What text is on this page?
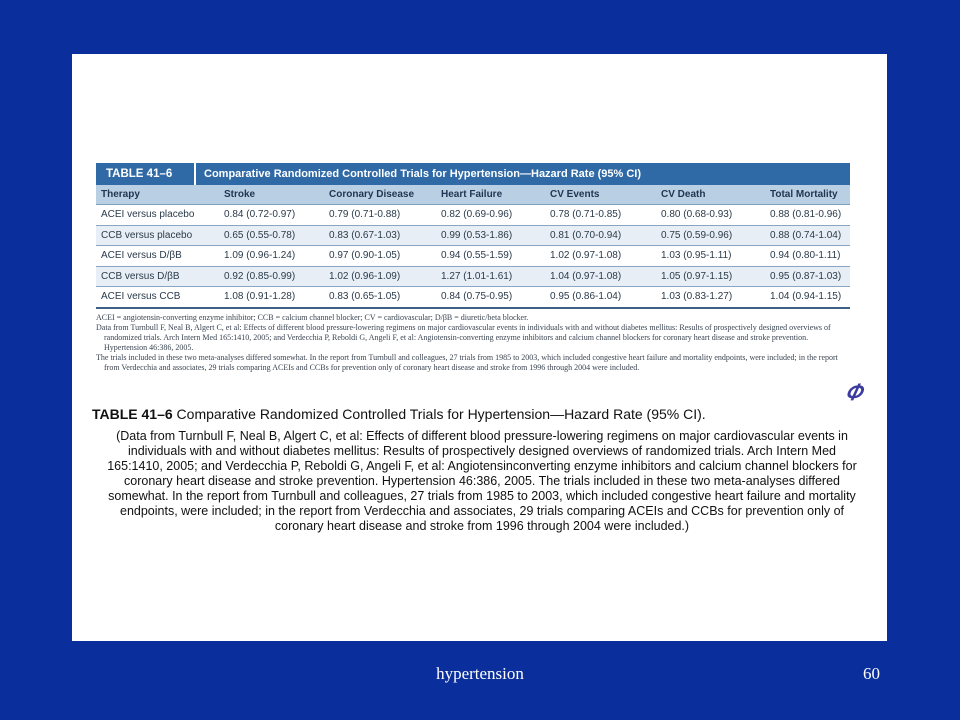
TABLE 41–6	Comparative Randomized Controlled Trials for Hypertension—Hazard Rate (95% CI)
Therapy	Stroke	Coronary Disease	Heart Failure	CV Events	CV Death	Total Mortality
ACEI versus placebo	0.84 (0.72-0.97)	0.79 (0.71-0.88)	0.82 (0.69-0.96)	0.78 (0.71-0.85)	0.80 (0.68-0.93)	0.88 (0.81-0.96)
CCB versus placebo	0.65 (0.55-0.78)	0.83 (0.67-1.03)	0.99 (0.53-1.86)	0.81 (0.70-0.94)	0.75 (0.59-0.96)	0.88 (0.74-1.04)
ACEI versus D/βB	1.09 (0.96-1.24)	0.97 (0.90-1.05)	0.94 (0.55-1.59)	1.02 (0.97-1.08)	1.03 (0.95-1.11)	0.94 (0.80-1.11)
CCB versus D/βB	0.92 (0.85-0.99)	1.02 (0.96-1.09)	1.27 (1.01-1.61)	1.04 (0.97-1.08)	1.05 (0.97-1.15)	0.95 (0.87-1.03)
ACEI versus CCB	1.08 (0.91-1.28)	0.83 (0.65-1.05)	0.84 (0.75-0.95)	0.95 (0.86-1.04)	1.03 (0.83-1.27)	1.04 (0.94-1.15)

ACEI = angiotensin-converting enzyme inhibitor; CCB = calcium channel blocker; CV = cardiovascular; D/βB = diuretic/beta blocker.

Data from Turnbull F, Neal B, Algert C, et al: Effects of different blood pressure-lowering regimens on major cardiovascular events in individuals with and without diabetes mellitus: Results of prospectively designed overviews of randomized trials. Arch Intern Med 165:1410, 2005; and Verdecchia P, Reboldi G, Angeli F, et al: Angiotensin-converting enzyme inhibitors and calcium channel blockers for coronary heart disease and stroke prevention. Hypertension 46:386, 2005.

The trials included in these two meta-analyses differed somewhat. In the report from Turnbull and colleagues, 27 trials from 1985 to 2003, which included congestive heart failure and mortality endpoints, were included; in the report from Verdecchia and associates, 29 trials comparing ACEIs and CCBs for prevention only of coronary heart disease and stroke from 1996 through 2004 were included.

𝛷
TABLE 41–6 Comparative Randomized Controlled Trials for Hypertension—Hazard Rate (95% CI).
(Data from Turnbull F, Neal B, Algert C, et al: Effects of different blood pressure-lowering regimens on major cardiovascular events in individuals with and without diabetes mellitus: Results of prospectively designed overviews of randomized trials. Arch Intern Med 165:1410, 2005; and Verdecchia P, Reboldi G, Angeli F, et al: Angiotensinconverting enzyme inhibitors and calcium channel blockers for coronary heart disease and stroke prevention. Hypertension 46:386, 2005. The trials included in these two meta-analyses differed somewhat. In the report from Turnbull and colleagues, 27 trials from 1985 to 2003, which included congestive heart failure and mortality endpoints, were included; in the report from Verdecchia and associates, 29 trials comparing ACEIs and CCBs for prevention only of coronary heart disease and stroke from 1996 through 2004 were included.)
hypertension	60
